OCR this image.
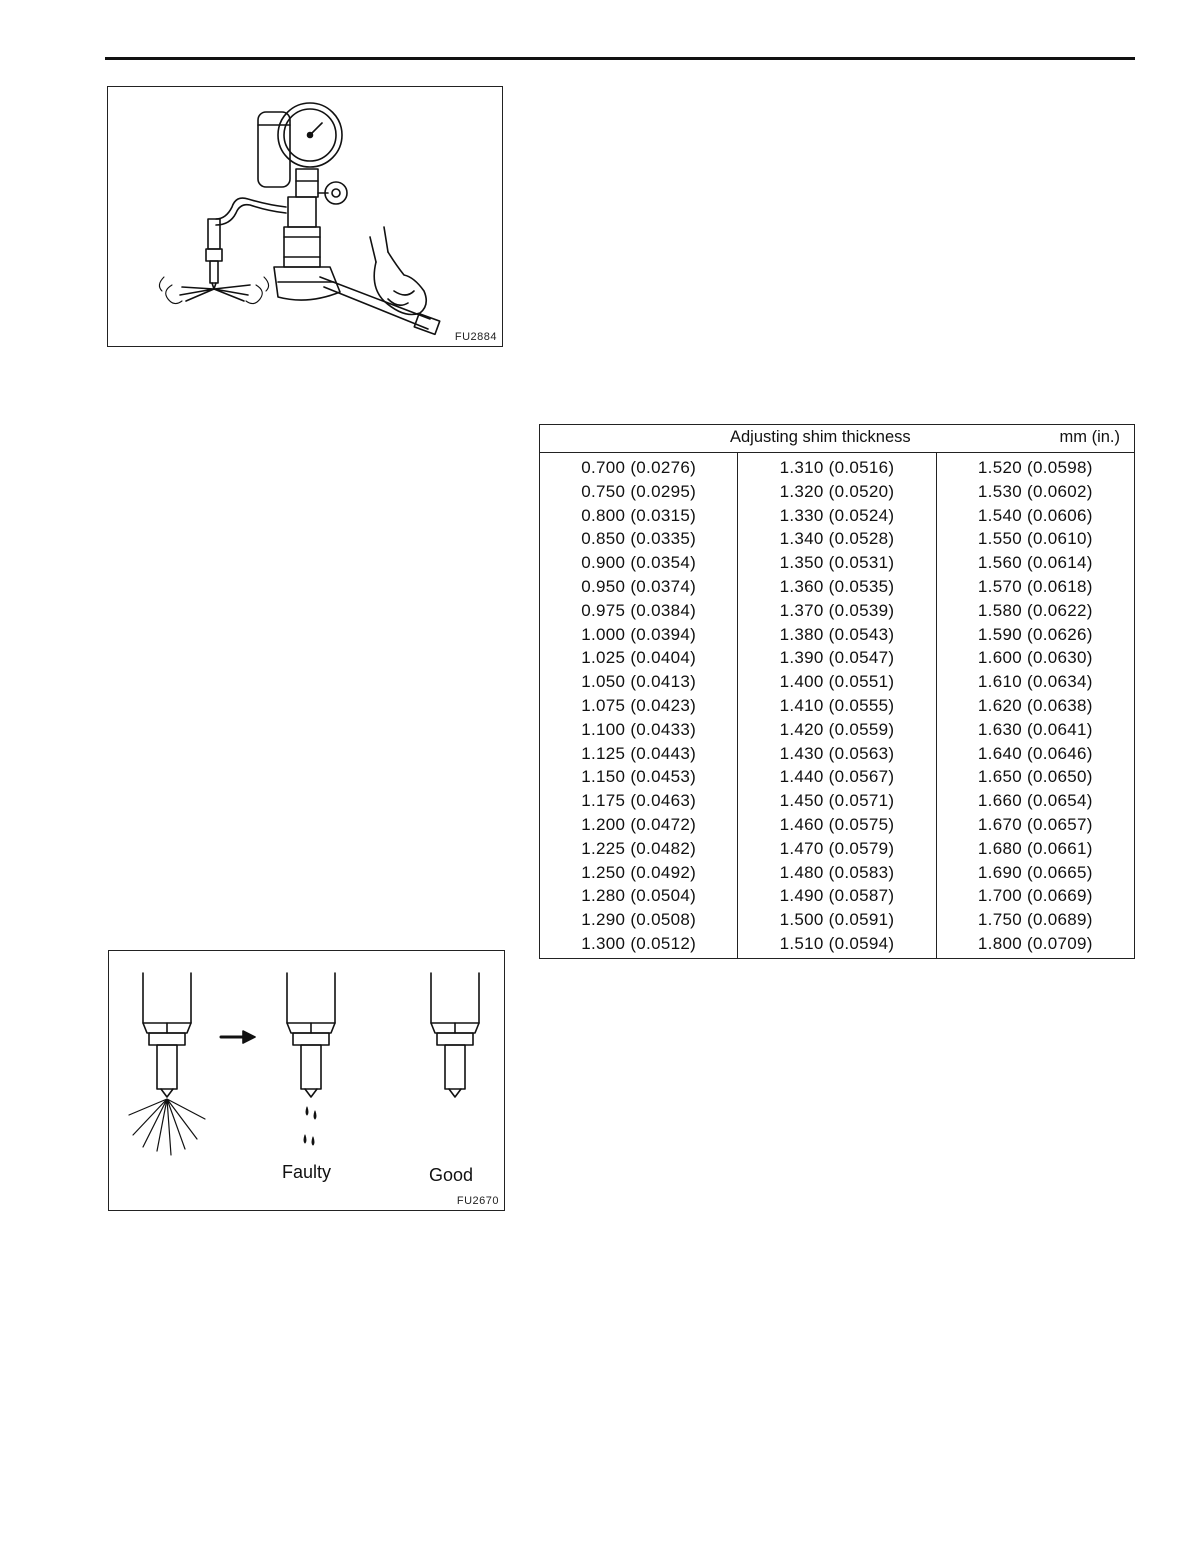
FU2884
Faulty	Good
FU2670
Adjusting shim thickness	mm (in.)
0.700 (0.0276)
0.750 (0.0295)
0.800 (0.0315)
0.850 (0.0335)
0.900 (0.0354)
0.950 (0.0374)
0.975 (0.0384)
1.000 (0.0394)
1.025 (0.0404)
1.050 (0.0413)
1.075 (0.0423)
1.100 (0.0433)
1.125 (0.0443)
1.150 (0.0453)
1.175 (0.0463)
1.200 (0.0472)
1.225 (0.0482)
1.250 (0.0492)
1.280 (0.0504)
1.290 (0.0508)
1.300 (0.0512)
1.310 (0.0516)
1.320 (0.0520)
1.330 (0.0524)
1.340 (0.0528)
1.350 (0.0531)
1.360 (0.0535)
1.370 (0.0539)
1.380 (0.0543)
1.390 (0.0547)
1.400 (0.0551)
1.410 (0.0555)
1.420 (0.0559)
1.430 (0.0563)
1.440 (0.0567)
1.450 (0.0571)
1.460 (0.0575)
1.470 (0.0579)
1.480 (0.0583)
1.490 (0.0587)
1.500 (0.0591)
1.510 (0.0594)
1.520 (0.0598)
1.530 (0.0602)
1.540 (0.0606)
1.550 (0.0610)
1.560 (0.0614)
1.570 (0.0618)
1.580 (0.0622)
1.590 (0.0626)
1.600 (0.0630)
1.610 (0.0634)
1.620 (0.0638)
1.630 (0.0641)
1.640 (0.0646)
1.650 (0.0650)
1.660 (0.0654)
1.670 (0.0657)
1.680 (0.0661)
1.690 (0.0665)
1.700 (0.0669)
1.750 (0.0689)
1.800 (0.0709)
